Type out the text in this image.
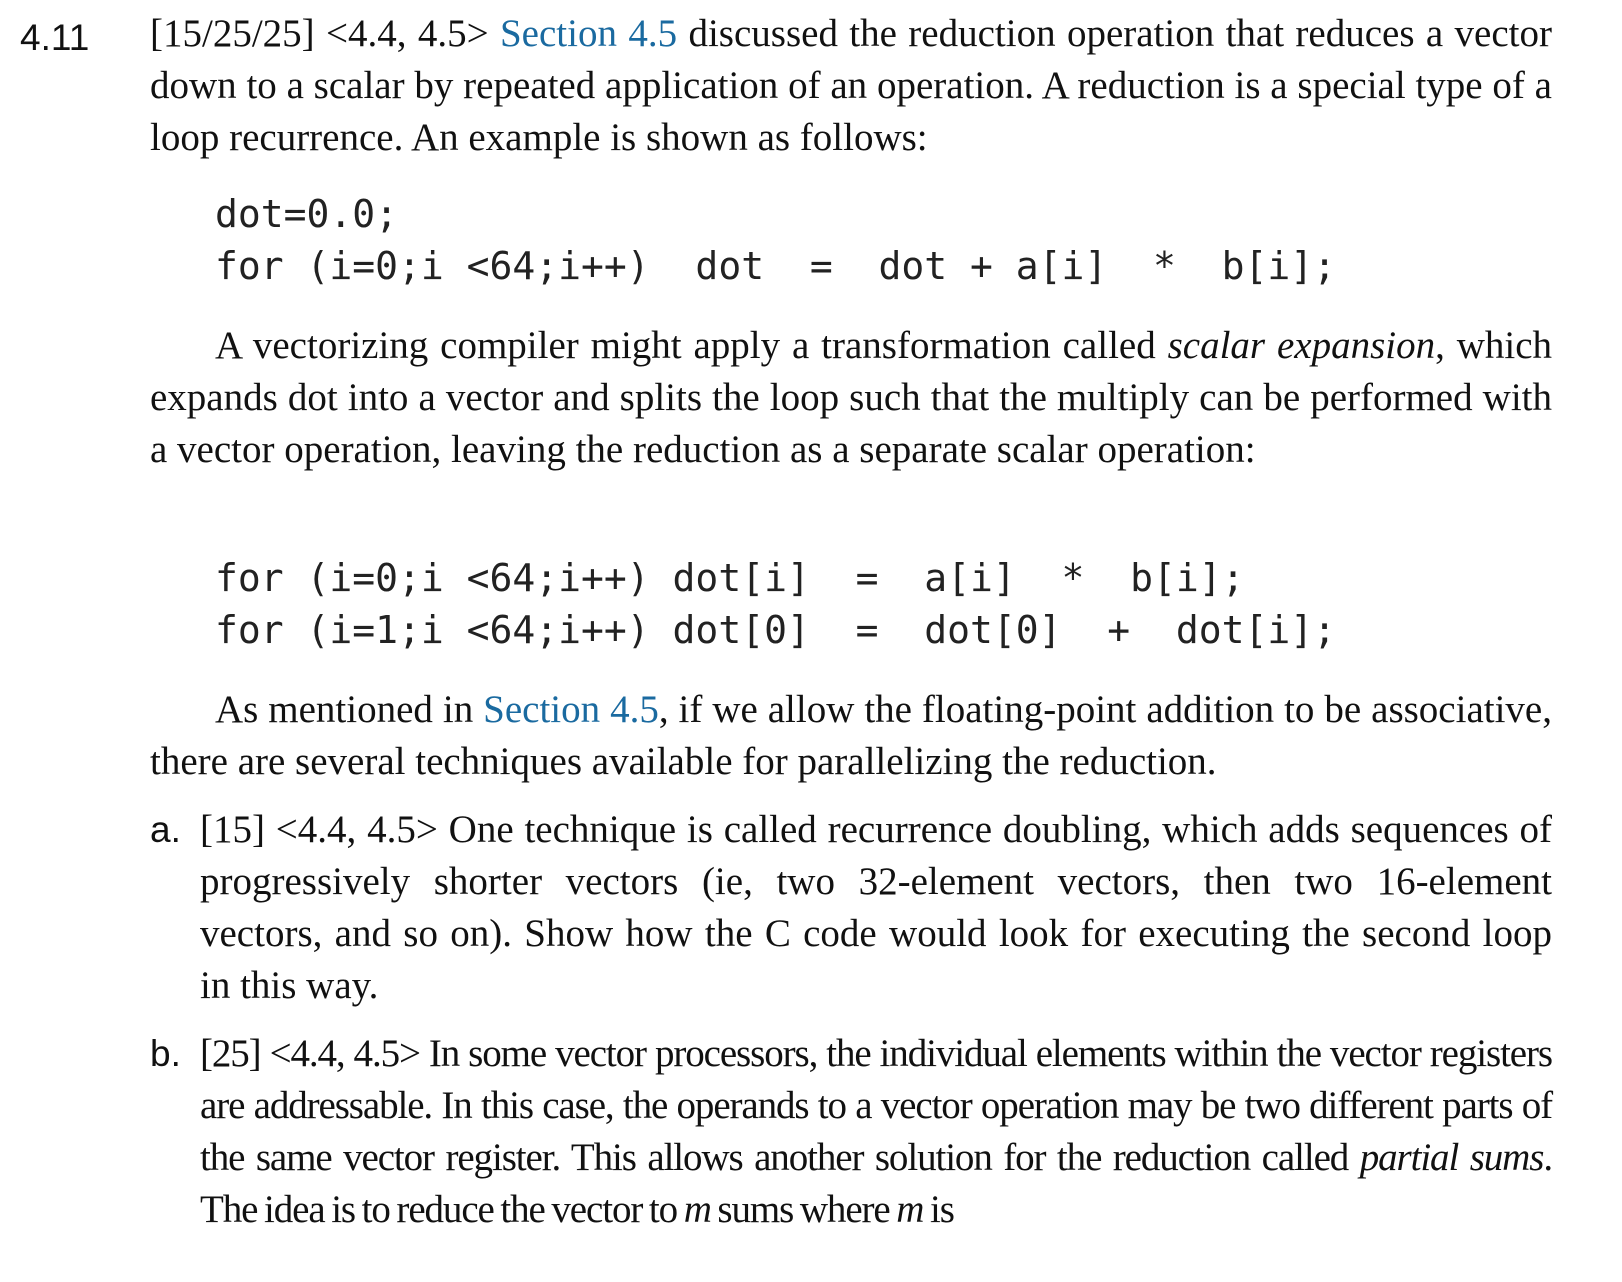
4.11 [15/25/25] <4.4, 4.5> Section 4.5 discussed the reduction operation that reduces a vector down to a scalar by repeated application of an operation. A reduction is a special type of a loop recurrence. An example is shown as follows:
dot=0.0;
for (i=0;i <64;i++)  dot  =  dot + a[i]  *  b[i];
A vectorizing compiler might apply a transformation called scalar expansion, which expands dot into a vector and splits the loop such that the multiply can be performed with a vector operation, leaving the reduction as a separate scalar operation:
for (i=0;i <64;i++) dot[i]  =  a[i]  *  b[i];
for (i=1;i <64;i++) dot[0]  =  dot[0]  +  dot[i];
As mentioned in Section 4.5, if we allow the floating-point addition to be associative, there are several techniques available for parallelizing the reduction.
a. [15] <4.4, 4.5> One technique is called recurrence doubling, which adds sequences of progressively shorter vectors (ie, two 32-element vectors, then two 16-element vectors, and so on). Show how the C code would look for executing the second loop in this way.
b. [25] <4.4, 4.5> In some vector processors, the individual elements within the vector registers are addressable. In this case, the operands to a vector operation may be two different parts of the same vector register. This allows another solution for the reduction called partial sums. The idea is to reduce the vector to m sums where m is
